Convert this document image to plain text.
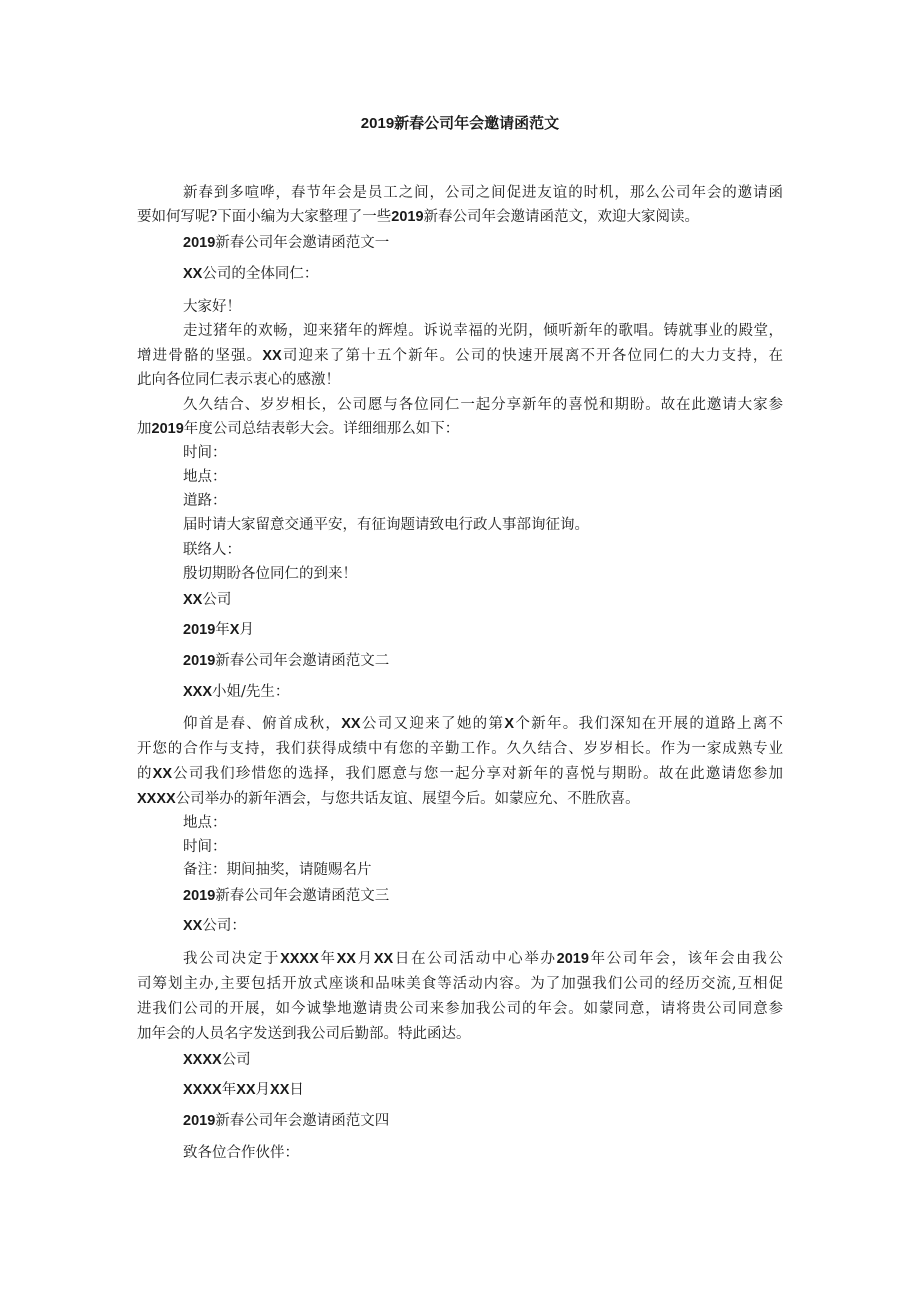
2019新春公司年会邀请函范文
新春到多喧哗，春节年会是员工之间，公司之间促进友谊的时机，那么公司年会的邀请函
要如何写呢?下面小编为大家整理了一些2019新春公司年会邀请函范文，欢迎大家阅读。
2019新春公司年会邀请函范文一
XX公司的全体同仁：
大家好！
走过猪年的欢畅，迎来猪年的辉煌。诉说幸福的光阴，倾听新年的歌唱。铸就事业的殿堂，
增进骨骼的坚强。XX司迎来了第十五个新年。公司的快速开展离不开各位同仁的大力支持，在
此向各位同仁表示衷心的感激！
久久结合、岁岁相长，公司愿与各位同仁一起分享新年的喜悦和期盼。故在此邀请大家参
加2019年度公司总结表彰大会。详细细那么如下：
时间：
地点：
道路：
届时请大家留意交通平安，有征询题请致电行政人事部询征询。
联络人：
殷切期盼各位同仁的到来！
XX公司
2019年X月
2019新春公司年会邀请函范文二
XXX小姐/先生：
仰首是春、俯首成秋，XX公司又迎来了她的第X个新年。我们深知在开展的道路上离不
开您的合作与支持，我们获得成绩中有您的辛勤工作。久久结合、岁岁相长。作为一家成熟专业
的XX公司我们珍惜您的选择，我们愿意与您一起分享对新年的喜悦与期盼。故在此邀请您参加
XXXX公司举办的新年酒会，与您共话友谊、展望今后。如蒙应允、不胜欣喜。
地点：
时间：
备注：期间抽奖，请随赐名片
2019新春公司年会邀请函范文三
XX公司：
我公司决定于XXXX年XX月XX日在公司活动中心举办2019年公司年会，该年会由我公
司筹划主办,主要包括开放式座谈和品味美食等活动内容。为了加强我们公司的经历交流,互相促
进我们公司的开展，如今诚挚地邀请贵公司来参加我公司的年会。如蒙同意，请将贵公司同意参
加年会的人员名字发送到我公司后勤部。特此函达。
XXXX公司
XXXX年XX月XX日
2019新春公司年会邀请函范文四
致各位合作伙伴：
